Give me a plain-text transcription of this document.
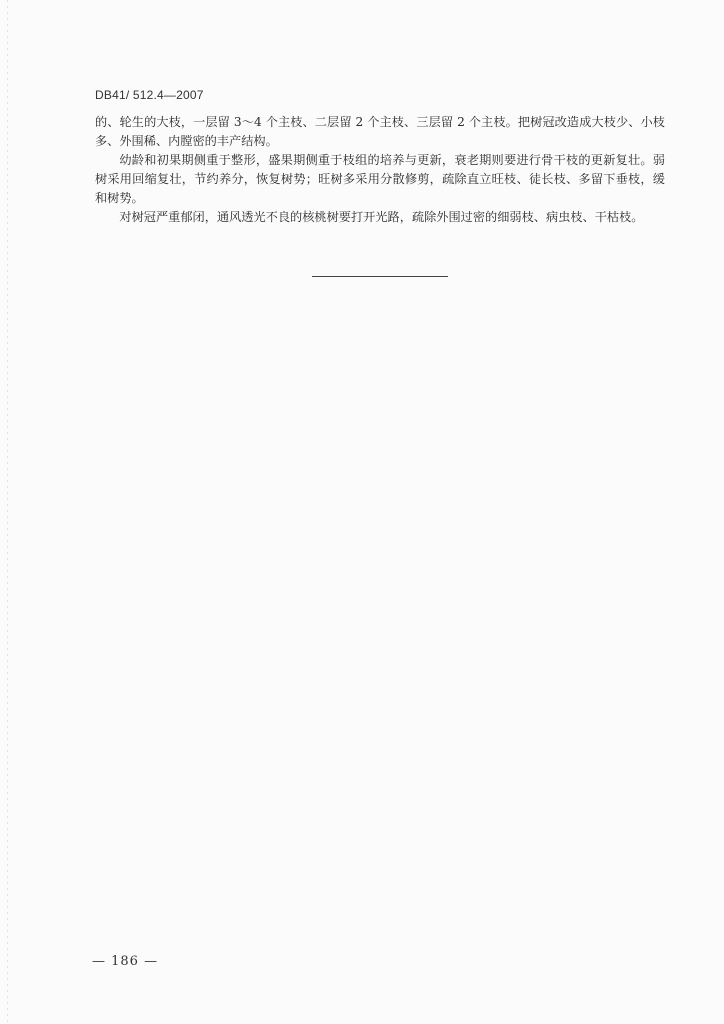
DB41/ 512.4—2007

的、轮生的大枝，一层留 3～4 个主枝、二层留 2 个主枝、三层留 2 个主枝。把树冠改造成大枝少、小枝多、外围稀、内膛密的丰产结构。

幼龄和初果期侧重于整形，盛果期侧重于枝组的培养与更新，衰老期则要进行骨干枝的更新复壮。弱树采用回缩复壮，节约养分，恢复树势；旺树多采用分散修剪，疏除直立旺枝、徒长枝、多留下垂枝，缓和树势。

对树冠严重郁闭，通风透光不良的核桃树要打开光路，疏除外围过密的细弱枝、病虫枝、干枯枝。

— 186 —
